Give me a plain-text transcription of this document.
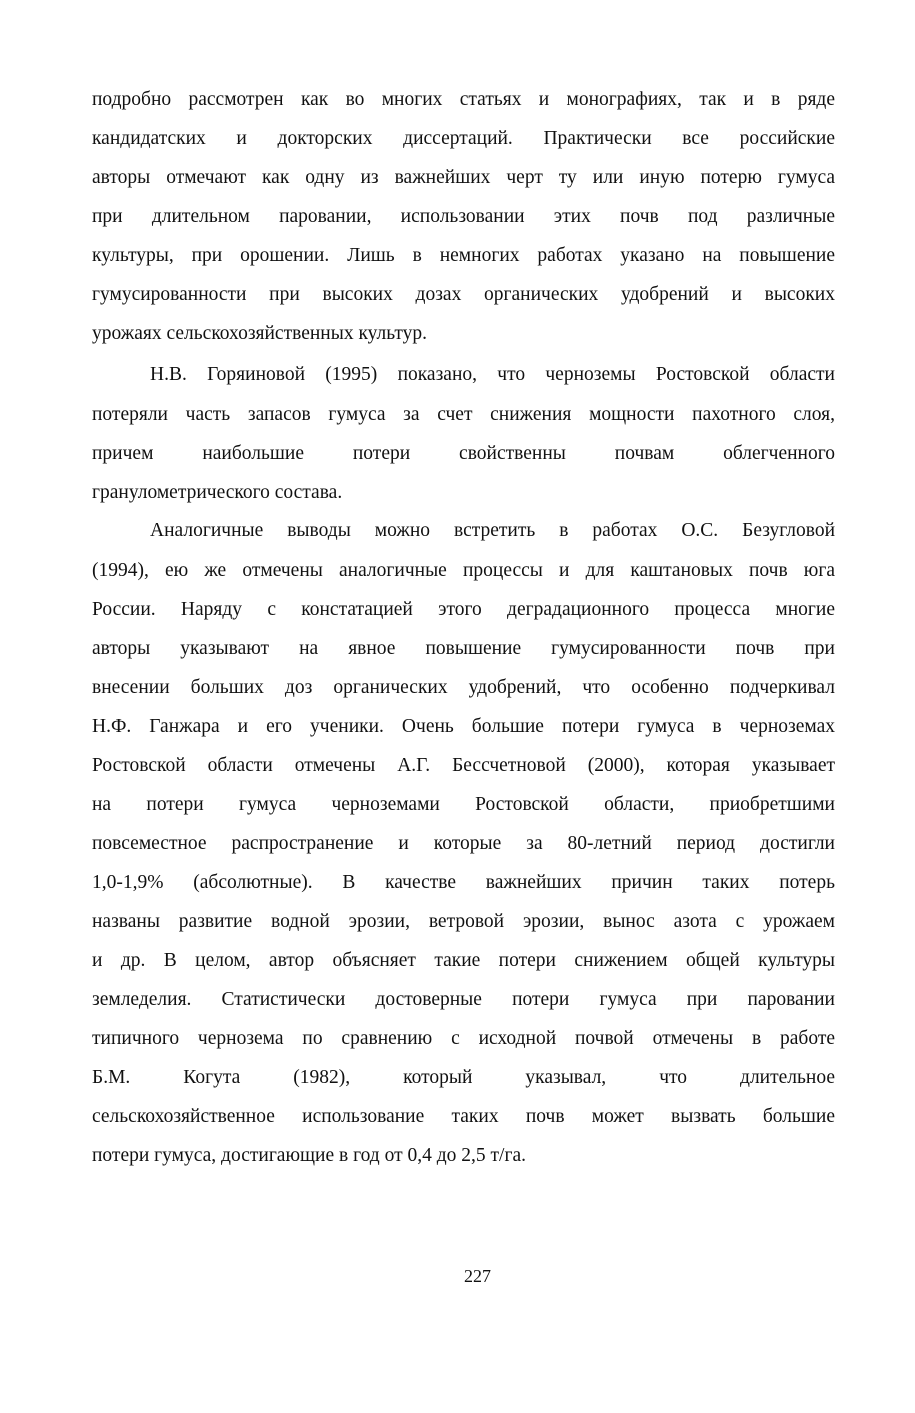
подробно рассмотрен как во многих статьях и монографиях, так и в ряде
кандидатских и докторских диссертаций. Практически все российские
авторы отмечают как одну из важнейших черт ту или иную потерю гумуса
при длительном паровании, использовании этих почв под различные
культуры, при орошении. Лишь в немногих работах указано на повышение
гумусированности при высоких дозах органических удобрений и высоких
урожаях сельскохозяйственных культур.
Н.В. Горяиновой (1995) показано, что черноземы Ростовской области
потеряли часть запасов гумуса за счет снижения мощности пахотного слоя,
причем наибольшие потери свойственны почвам облегченного
гранулометрического состава.
Аналогичные выводы можно встретить в работах О.С. Безугловой
(1994), ею же отмечены аналогичные процессы и для каштановых почв юга
России. Наряду с констатацией этого деградационного процесса многие
авторы указывают на явное повышение гумусированности почв при
внесении больших доз органических удобрений, что особенно подчеркивал
Н.Ф. Ганжара и его ученики. Очень большие потери гумуса в черноземах
Ростовской области отмечены А.Г. Бессчетновой (2000), которая указывает
на потери гумуса черноземами Ростовской области, приобретшими
повсеместное распространение и которые за 80-летний период достигли
1,0-1,9% (абсолютные). В качестве важнейших причин таких потерь
названы развитие водной эрозии, ветровой эрозии, вынос азота с урожаем
и др. В целом, автор объясняет такие потери снижением общей культуры
земледелия. Статистически достоверные потери гумуса при паровании
типичного чернозема по сравнению с исходной почвой отмечены в работе
Б.М. Когута (1982), который указывал, что длительное
сельскохозяйственное использование таких почв может вызвать большие
потери гумуса, достигающие в год от 0,4 до 2,5 т/га.
227
